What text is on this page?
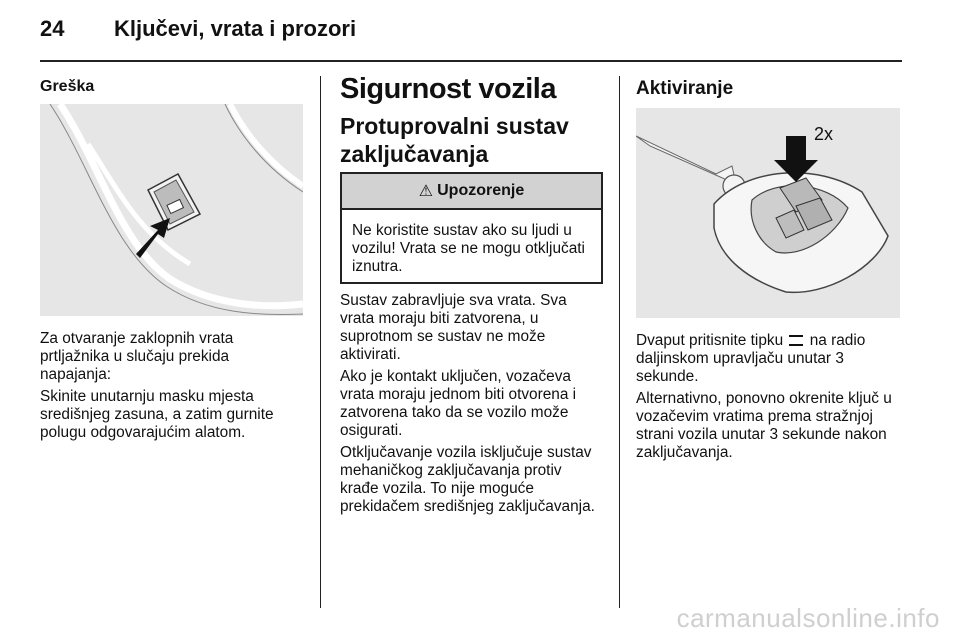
24 Ključevi, vrata i prozori
Greška

Za otvaranje zaklopnih vrata prtljažnika u slučaju prekida napajanja:

Skinite unutarnju masku mjesta središnjeg zasuna, a zatim gurnite polugu odgovarajućim alatom.

Sigurnost vozila
Protuprovalni sustav zaključavanja
⚠ Upozorenje
Ne koristite sustav ako su ljudi u vozilu! Vrata se ne mogu otključati iznutra.

Sustav zabravljuje sva vrata. Sva vrata moraju biti zatvorena, u suprotnom se sustav ne može aktivirati.

Ako je kontakt uključen, vozačeva vrata moraju jednom biti otvorena i zatvorena tako da se vozilo može osigurati.

Otključavanje vozila isključuje sustav mehaničkog zaključavanja protiv krađe vozila. To nije moguće prekidačem središnjeg zaključavanja.

Aktiviranje
2x

Dvaput pritisnite tipku  na radio daljinskom upravljaču unutar 3 sekunde.

Alternativno, ponovno okrenite ključ u vozačevim vratima prema stražnjoj strani vozila unutar 3 sekunde nakon zaključavanja.

carmanualsonline.info
